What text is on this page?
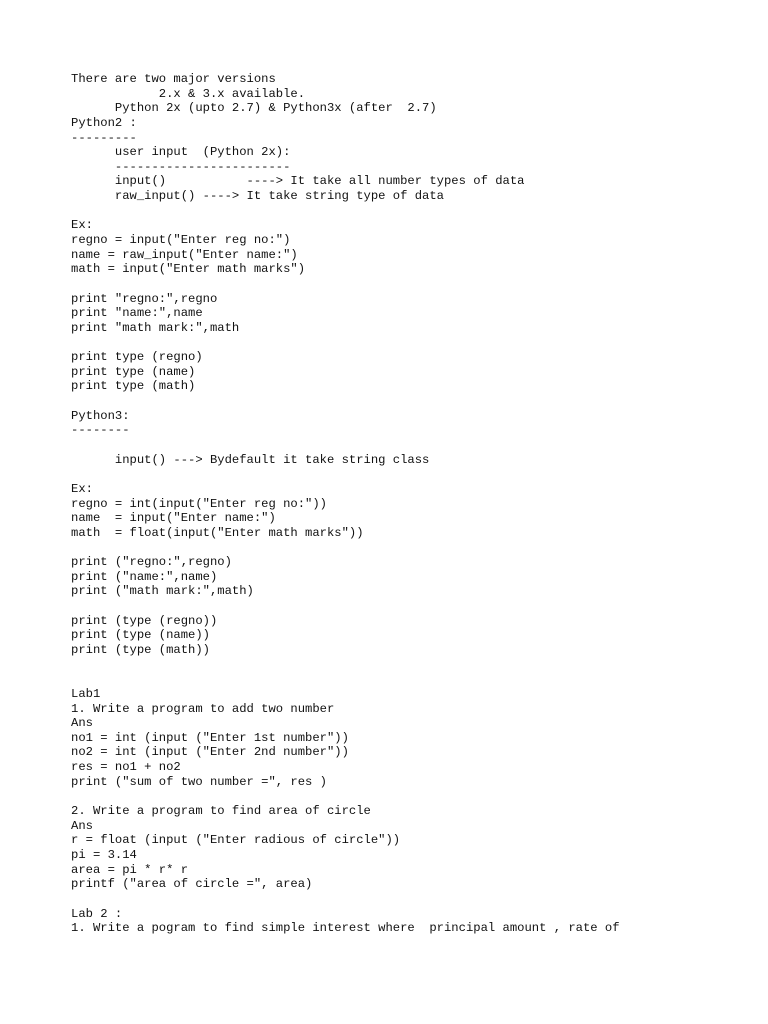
There are two major versions
2.x & 3.x available.
Python 2x (upto 2.7) & Python3x (after  2.7)
Python2 :
---------
user input  (Python 2x):
------------------------
input()           ----> It take all number types of data
raw_input() ----> It take string type of data
Ex:
regno = input("Enter reg no:")
name = raw_input("Enter name:")
math = input("Enter math marks")
print "regno:",regno
print "name:",name
print "math mark:",math
print type (regno)
print type (name)
print type (math)
Python3:
--------
input() ---> Bydefault it take string class
Ex:
regno = int(input("Enter reg no:"))
name  = input("Enter name:")
math  = float(input("Enter math marks"))
print ("regno:",regno)
print ("name:",name)
print ("math mark:",math)
print (type (regno))
print (type (name))
print (type (math))
Lab1
1. Write a program to add two number
Ans
no1 = int (input ("Enter 1st number"))
no2 = int (input ("Enter 2nd number"))
res = no1 + no2
print ("sum of two number =", res )
2. Write a program to find area of circle
Ans
r = float (input ("Enter radious of circle"))
pi = 3.14
area = pi * r* r
printf ("area of circle =", area)
Lab 2 :
1. Write a pogram to find simple interest where  principal amount , rate of
